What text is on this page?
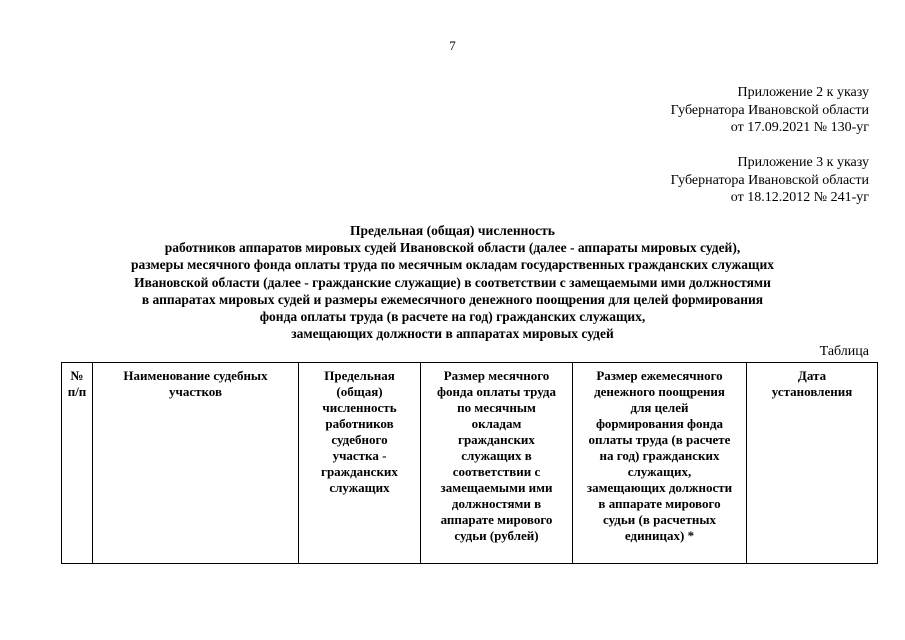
7
Приложение 2 к указу
Губернатора Ивановской области
от 17.09.2021 № 130-уг
Приложение 3 к указу
Губернатора Ивановской области
от 18.12.2012 № 241-уг
Предельная (общая) численность
работников аппаратов мировых судей Ивановской области (далее - аппараты мировых судей),
размеры месячного фонда оплаты труда по месячным окладам государственных гражданских служащих
Ивановской области (далее - гражданские служащие) в соответствии с замещаемыми ими должностями
в аппаратах мировых судей и размеры ежемесячного денежного поощрения для целей формирования
фонда оплаты труда (в расчете на год) гражданских служащих,
замещающих должности в аппаратах мировых судей
Таблица
№
п/п

Наименование судебных
участков

Предельная
(общая)
численность
работников
судебного
участка -
гражданских
служащих

Размер месячного
фонда оплаты труда
по месячным
окладам
гражданских
служащих в
соответствии с
замещаемыми ими
должностями в
аппарате мирового
судьи (рублей)

Размер ежемесячного
денежного поощрения
для целей
формирования фонда
оплаты труда (в расчете
на год) гражданских
служащих,
замещающих должности
в аппарате мирового
судьи (в расчетных
единицах) *

Дата
установления
